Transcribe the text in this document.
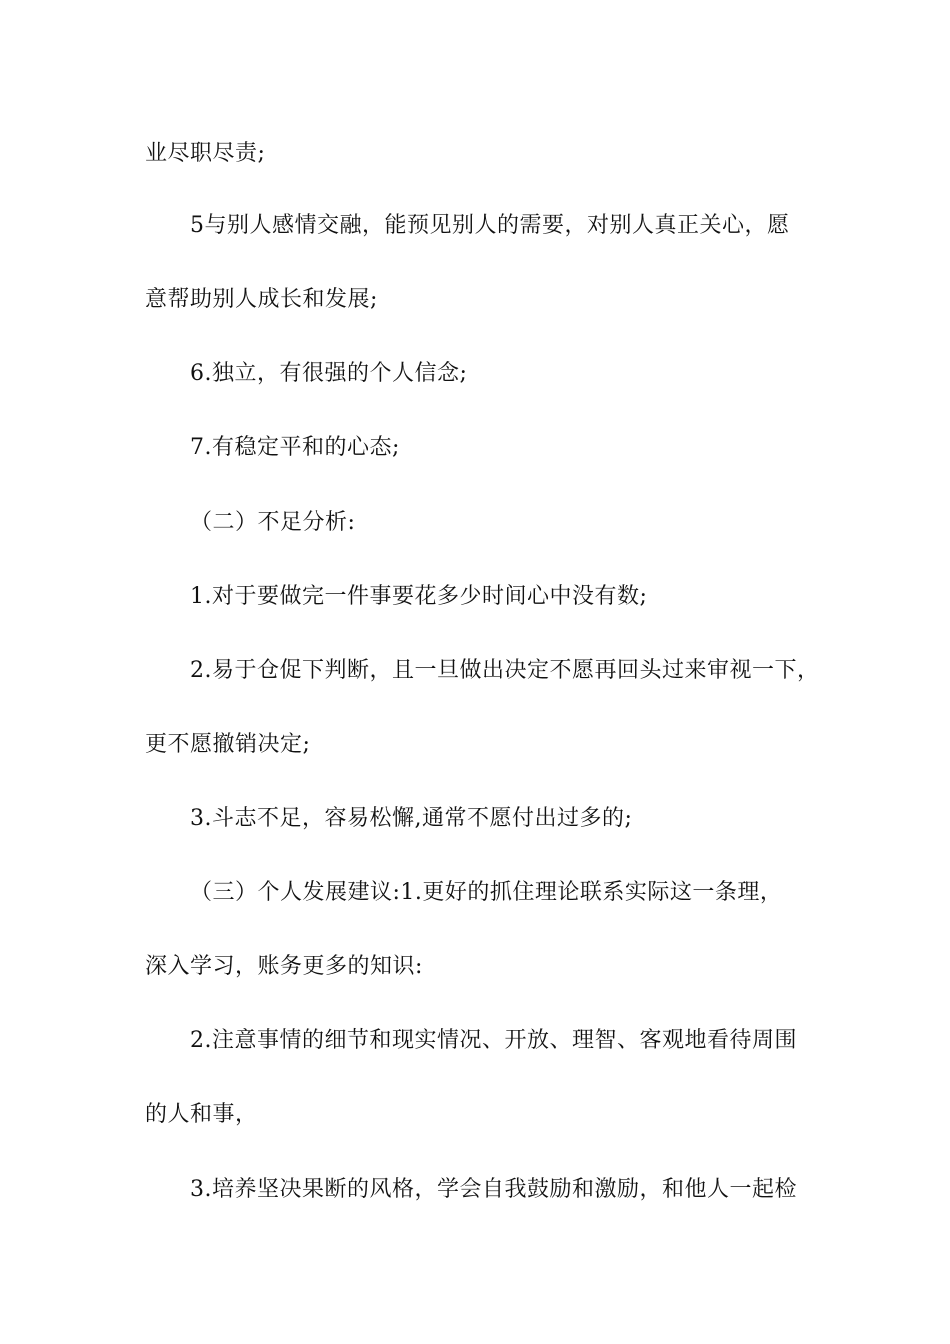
业尽职尽责;
5与别人感情交融，能预见别人的需要，对别人真正关心，愿
意帮助别人成长和发展;
6.独立，有很强的个人信念;
7.有稳定平和的心态;
（二）不足分析:
1.对于要做完一件事要花多少时间心中没有数;
2.易于仓促下判断，且一旦做出决定不愿再回头过来审视一下，
更不愿撤销决定;
3.斗志不足，容易松懈,通常不愿付出过多的;
（三）个人发展建议:1.更好的抓住理论联系实际这一条理，
深入学习，账务更多的知识:
2.注意事情的细节和现实情况、开放、理智、客观地看待周围
的人和事，
3.培养坚决果断的风格，学会自我鼓励和激励，和他人一起检
